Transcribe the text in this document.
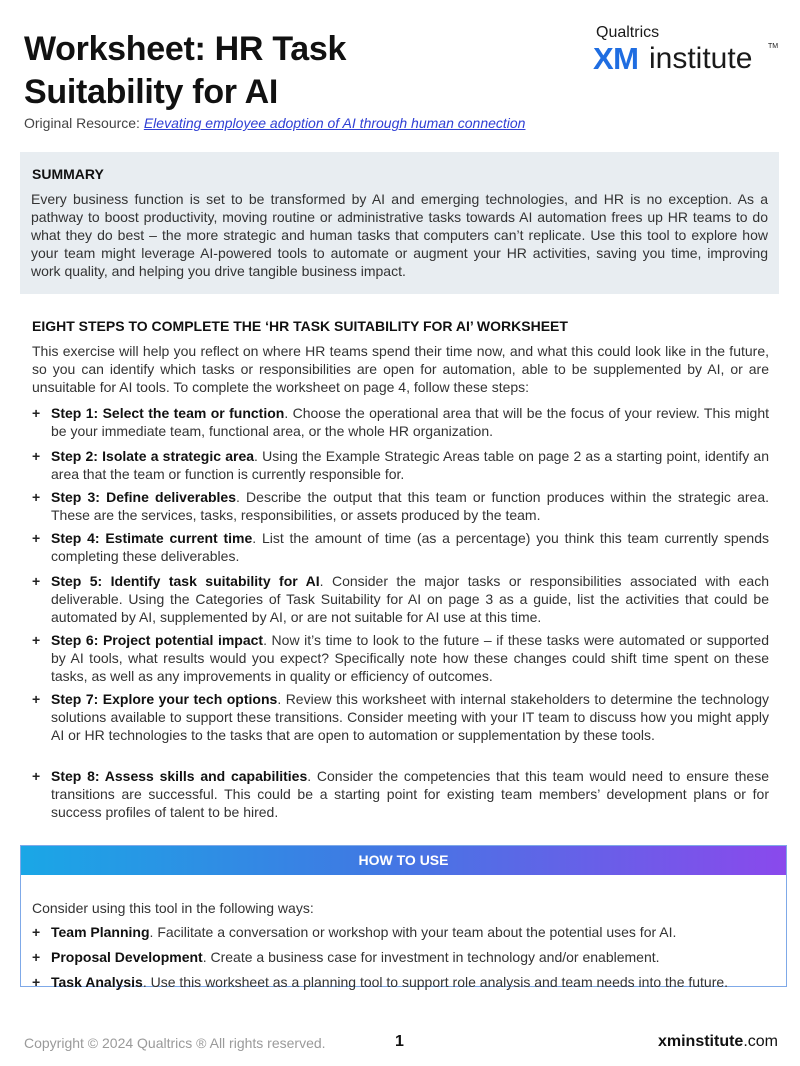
Worksheet: HR Task
Suitability for AI
Original Resource: Elevating employee adoption of AI through human connection
Qualtrics
XM institute TM
SUMMARY

Every business function is set to be transformed by AI and emerging technologies, and HR is no exception. As a pathway to boost productivity, moving routine or administrative tasks towards AI automation frees up HR teams to do what they do best – the more strategic and human tasks that computers can’t replicate. Use this tool to explore how your team might leverage AI-powered tools to automate or augment your HR activities, saving you time, improving work quality, and helping you drive tangible business impact.

EIGHT STEPS TO COMPLETE THE ‘HR TASK SUITABILITY FOR AI’ WORKSHEET

This exercise will help you reflect on where HR teams spend their time now, and what this could look like in the future, so you can identify which tasks or responsibilities are open for automation, able to be supplemented by AI, or are unsuitable for AI tools. To complete the worksheet on page 4, follow these steps:

+ Step 1: Select the team or function. Choose the operational area that will be the focus of your review. This might be your immediate team, functional area, or the whole HR organization.
+ Step 2: Isolate a strategic area. Using the Example Strategic Areas table on page 2 as a starting point, identify an area that the team or function is currently responsible for.
+ Step 3: Define deliverables. Describe the output that this team or function produces within the strategic area. These are the services, tasks, responsibilities, or assets produced by the team.
+ Step 4: Estimate current time. List the amount of time (as a percentage) you think this team currently spends completing these deliverables.
+ Step 5: Identify task suitability for AI. Consider the major tasks or responsibilities associated with each deliverable. Using the Categories of Task Suitability for AI on page 3 as a guide, list the activities that could be automated by AI, supplemented by AI, or are not suitable for AI use at this time.
+ Step 6: Project potential impact. Now it’s time to look to the future – if these tasks were automated or supported by AI tools, what results would you expect? Specifically note how these changes could shift time spent on these tasks, as well as any improvements in quality or efficiency of outcomes.
+ Step 7: Explore your tech options. Review this worksheet with internal stakeholders to determine the technology solutions available to support these transitions. Consider meeting with your IT team to discuss how you might apply AI or HR technologies to the tasks that are open to automation or supplementation by these tools.
+ Step 8: Assess skills and capabilities. Consider the competencies that this team would need to ensure these transitions are successful. This could be a starting point for existing team members’ development plans or for success profiles of talent to be hired.
HOW TO USE
Consider using this tool in the following ways:
+ Team Planning. Facilitate a conversation or workshop with your team about the potential uses for AI.
+ Proposal Development. Create a business case for investment in technology and/or enablement.
+ Task Analysis. Use this worksheet as a planning tool to support role analysis and team needs into the future.
Copyright © 2024 Qualtrics ® All rights reserved.	1	xminstitute.com
